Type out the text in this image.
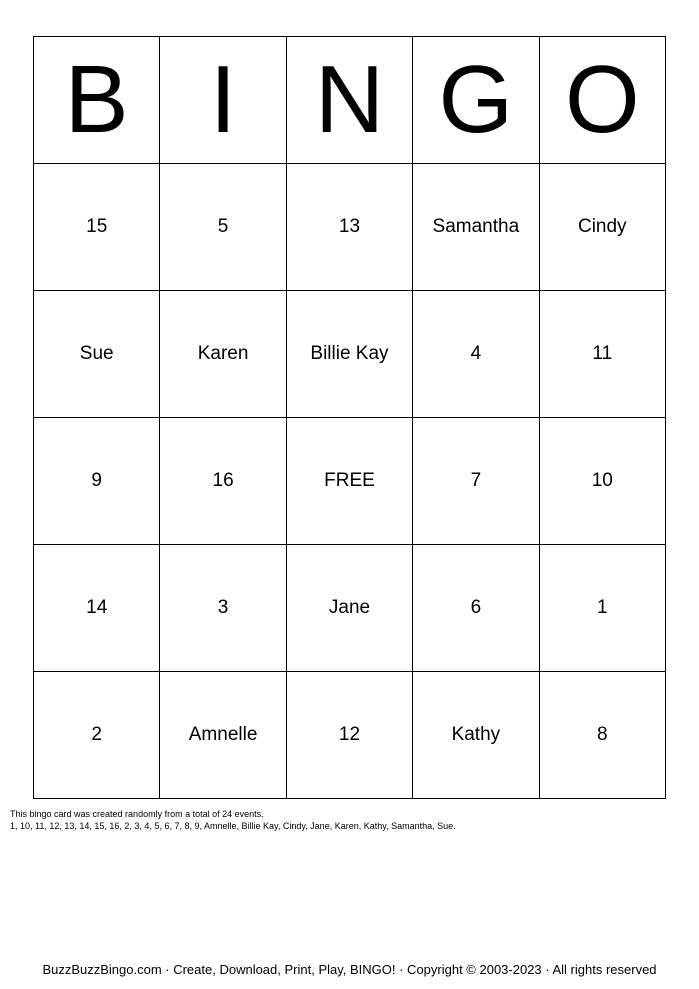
B	I	N	G	O
15	5	13	Samantha	Cindy
Sue	Karen	Billie Kay	4	11
9	16	FREE	7	10
14	3	Jane	6	1
2	Amnelle	12	Kathy	8
This bingo card was created randomly from a total of 24 events.
1, 10, 11, 12, 13, 14, 15, 16, 2, 3, 4, 5, 6, 7, 8, 9, Amnelle, Billie Kay, Cindy, Jane, Karen, Kathy, Samantha, Sue.
BuzzBuzzBingo.com · Create, Download, Print, Play, BINGO! · Copyright © 2003-2023 · All rights reserved
